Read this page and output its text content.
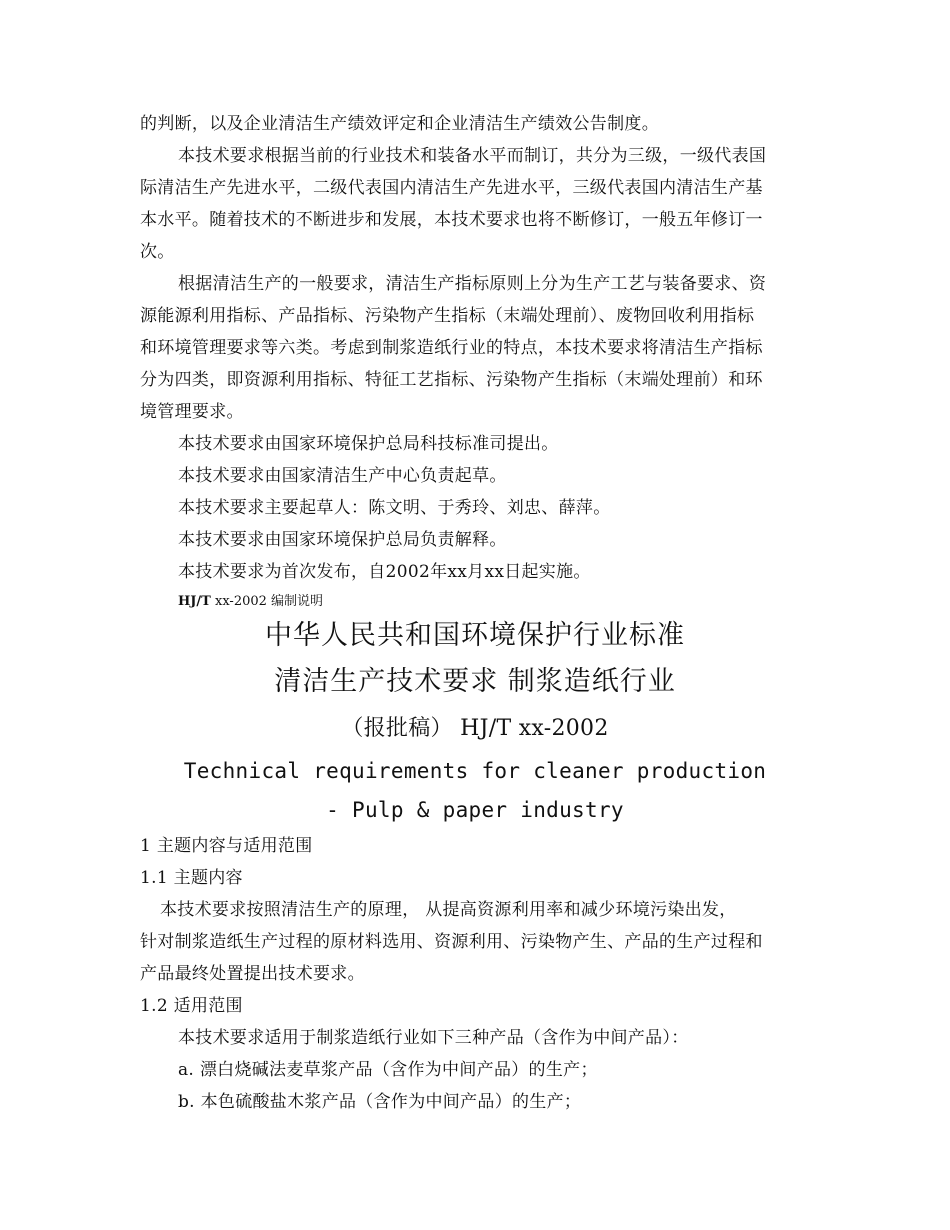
的判断，以及企业清洁生产绩效评定和企业清洁生产绩效公告制度。
本技术要求根据当前的行业技术和装备水平而制订，共分为三级，一级代表国
际清洁生产先进水平，二级代表国内清洁生产先进水平，三级代表国内清洁生产基
本水平。随着技术的不断进步和发展，本技术要求也将不断修订，一般五年修订一
次。
根据清洁生产的一般要求，清洁生产指标原则上分为生产工艺与装备要求、资
源能源利用指标、产品指标、污染物产生指标（末端处理前）、废物回收利用指标
和环境管理要求等六类。考虑到制浆造纸行业的特点，本技术要求将清洁生产指标
分为四类，即资源利用指标、特征工艺指标、污染物产生指标（末端处理前）和环
境管理要求。
本技术要求由国家环境保护总局科技标准司提出。
本技术要求由国家清洁生产中心负责起草。
本技术要求主要起草人：陈文明、于秀玲、刘忠、薛萍。
本技术要求由国家环境保护总局负责解释。
本技术要求为首次发布，自2002年xx月xx日起实施。
HJ/T xx-2002 编制说明
中华人民共和国环境保护行业标准
清洁生产技术要求 制浆造纸行业
（报批稿） HJ/T xx-2002
Technical requirements for cleaner production
- Pulp & paper industry
1 主题内容与适用范围
1.1 主题内容
本技术要求按照清洁生产的原理， 从提高资源利用率和减少环境污染出发，
针对制浆造纸生产过程的原材料选用、资源利用、污染物产生、产品的生产过程和
产品最终处置提出技术要求。
1.2 适用范围
本技术要求适用于制浆造纸行业如下三种产品（含作为中间产品）：
a. 漂白烧碱法麦草浆产品（含作为中间产品）的生产；
b. 本色硫酸盐木浆产品（含作为中间产品）的生产；
